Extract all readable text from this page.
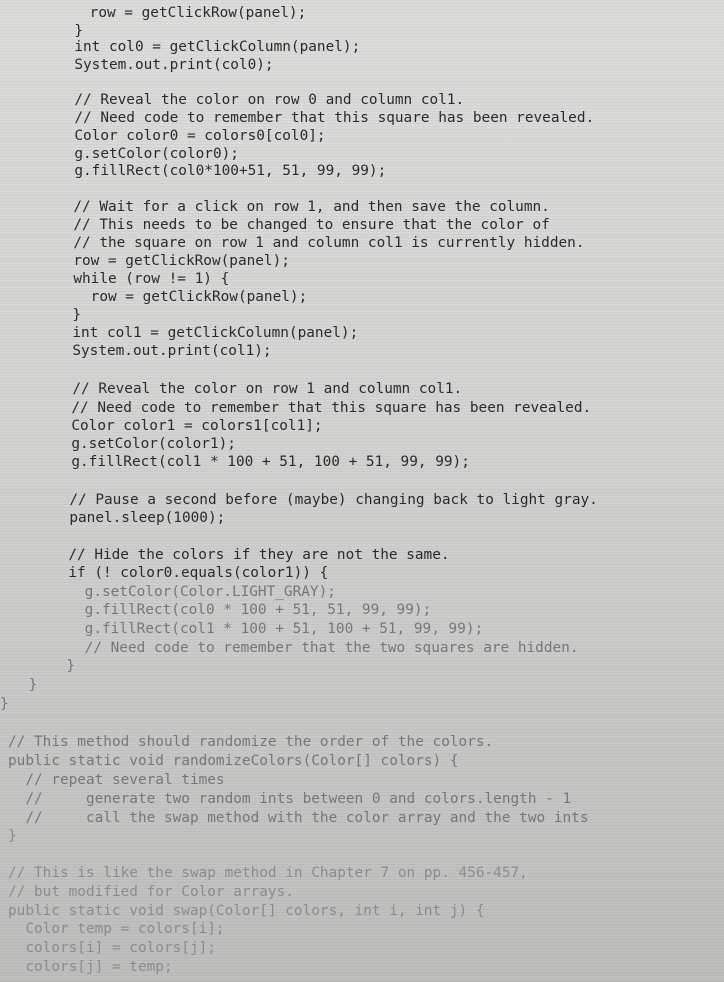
row = getClickRow(panel);

}

int col0 = getClickColumn(panel);

System.out.print(col0);

// Reveal the color on row 0 and column col1.

// Need code to remember that this square has been revealed.

Color color0 = colors0[col0];

g.setColor(color0);

g.fillRect(col0*100+51, 51, 99, 99);

// Wait for a click on row 1, and then save the column.

// This needs to be changed to ensure that the color of

// the square on row 1 and column col1 is currently hidden.

row = getClickRow(panel);

while (row != 1) {

row = getClickRow(panel);

}

int col1 = getClickColumn(panel);

System.out.print(col1);

// Reveal the color on row 1 and column col1.

// Need code to remember that this square has been revealed.

Color color1 = colors1[col1];

g.setColor(color1);

g.fillRect(col1 * 100 + 51, 100 + 51, 99, 99);

// Pause a second before (maybe) changing back to light gray.

panel.sleep(1000);

// Hide the colors if they are not the same.

if (! color0.equals(color1)) {

g.setColor(Color.LIGHT_GRAY);

g.fillRect(col0 * 100 + 51, 51, 99, 99);

g.fillRect(col1 * 100 + 51, 100 + 51, 99, 99);

// Need code to remember that the two squares are hidden.

}

}

}

// This method should randomize the order of the colors.

public static void randomizeColors(Color[] colors) {

// repeat several times

//     generate two random ints between 0 and colors.length - 1

//     call the swap method with the color array and the two ints

}

// This is like the swap method in Chapter 7 on pp. 456-457,

// but modified for Color arrays.

public static void swap(Color[] colors, int i, int j) {

Color temp = colors[i];

colors[i] = colors[j];

colors[j] = temp;
